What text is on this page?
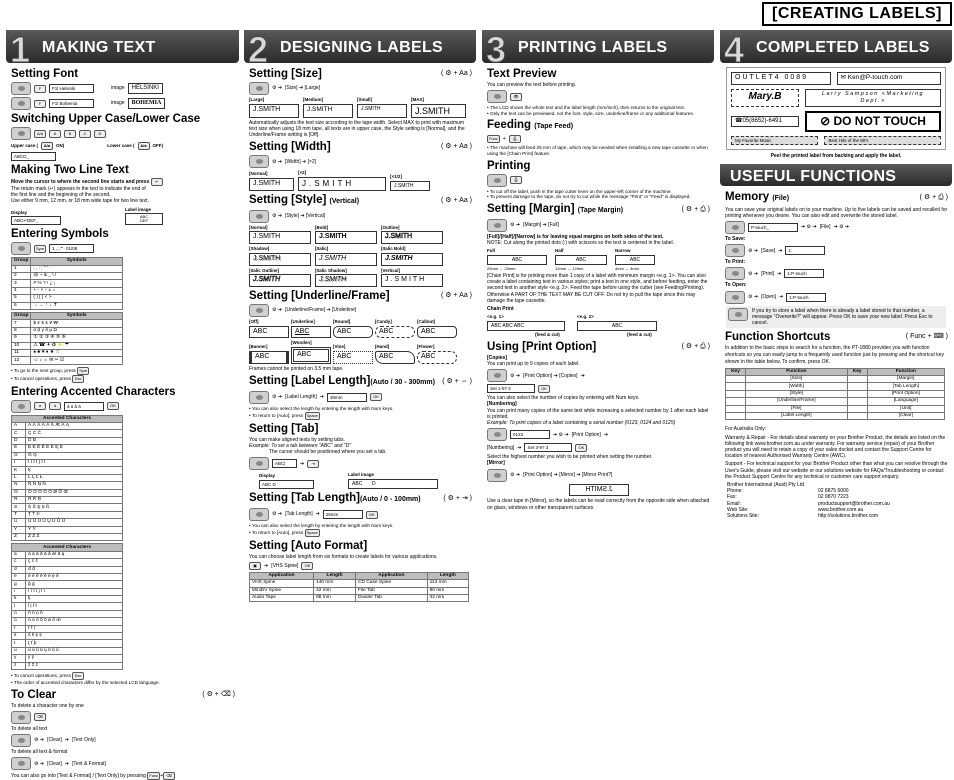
[CREATING LABELS]
1 MAKING TEXT
Setting Font
F	F1l Helsinki	image	HELSINKI
F	F1l Bohemia	image	BOHEMIA
Switching Upper Case/Lower Case
A/a	A	B	C	D
Upper case (	A/a	ON)	Lower case (	A/a	OFF)
ABCD_
Making Two Line Text
Move the cursor to where the second line starts and press ↵
The return mark (↵) appears in the text to indicate the end of
the first line and the beginning of the second.
Use either 9 mm, 12 mm, or 18 mm wide tape for two line text.
Display
ABC↵DEF_
Label image
ABC
DEF
Entering Symbols
Sym	1 .,:;"'· 01/08
Group	Symbols
1	. , : ; " ' ·
2	@ ~ & _ \ /
3	# % ? ! ¿ ¡
4	+ - × ÷ ± =
5	( ) [ ] < >
6	→ ← ↑ ↓ ✝
Group	Symbols
7	$ ¢ € £ ¥ ₩
8	α β γ δ μ Ω
9	① ② ③ ④ ⑤ ⑥
10	⚠ ☎ ✈ ♻ ⚡ ☂
11	♠ ♣ ♥ ♦ ★ ☆
12	☺ ♪ ☼ ✉ ✂ ☑
• To go to the next group, press Sym
• To cancel operations, press Esc
Entering Accented Characters
a	à	à á â ä	OK
Accented Characters	
A	À Á Â Ã Ä Å Æ Ā Ą
C	Ç Ć Č
D	Ď Ð
E	È É Ê Ë Ē Ė Ę Ě
G	Ğ Ģ
I	Ì Í Î Ï Į Ī İ
K	Ķ
L	Ĺ Ļ Ľ Ł
N	Ñ Ń Ņ Ň
O	Ò Ó Ô Õ Ö Ø Ő Œ
R	Ŕ Ř Ŗ
S	Ś Š Ş Ș ß
T	Ţ Ť Þ
U	Ù Ú Û Ü Ų Ū Ů Ű
Y	Ý Ÿ
Z	Ź Ž Ż
Accented Characters	
a	à á â ã ä å æ ā ą
c	ç ć č
d	ď ð
e	è é ê ë ē ė ę ě
g	ğ ģ
i	ì í î ï į ī ı
k	ķ
l	ĺ ļ ľ ł
n	ñ ń ņ ň
o	ò ó ô õ ö ø ő œ
r	ŕ ř ŗ
s	ś š ş ș
t	ţ ť þ
u	ù ú û ü ų ū ů ű
y	ý ÿ
z	ź ž ż
• To cancel operations, press Esc
• The order of accented characters differ by the selected LCD language.
To Clear	( ⚙ + ⌫ )
To delete a character one by one
⌫
To delete all text
⚙ ➔ [Clear] ➔ [Text Only]
To delete all text & format
⚙ ➔ [Clear] ➔ [Text & Format]
You can also go into [Text & Format] / [Text Only] by pressing Func + ⌫
2 DESIGNING LABELS
Setting [Size]	( ⚙ + Aa )
⚙ ➔ [Size] ➔ [Large]
[Large]
J.SMITH
[Medium]
J.SMITH
[Small]
J.SMITH
[MAX]
J.SMITH
Automatically adjusts the text size according to the tape width. Select MAX to print with maximum text size when using 18 mm tape, all texts are in upper case, the Style setting is [Normal], and the Underline/Frame setting is [Off].
Setting [Width]	( ⚙ + Aa )
⚙ ➔ [Width] ➔ [×2]
[Normal]
J.SMITH
[×2]
J.SMITH
[×1/2]
J.SMITH
Setting [Style] (Vertical)	( ⚙ + Aa )
⚙ ➔ [Style] ➔ [Vertical]
[Normal]
J.SMITH
[Bold]
J.SMITH
[Outline]
J.SMITH
[Shadow]
J.SMITH
[Italic]
J.SMITH
[Italic Bold]
J.SMITH
[Italic Outline]
J.SMITH
[Italic Shadow]
J.SMITH
[Vertical]
J.SMITH
Setting [Underline/Frame]	( ⚙ + Aa )
⚙ ➔ [Underline/Frame] ➔ [Underline]
[Off]
ABC
[Underline]
ABC
[Round]
ABC
[Candy]
ABC
[Callout]
ABC
[Banner]
ABC
[Wooden]
ABC
[Vine]
ABC
[Hand]
ABC
[Flower]
ABC
Frames cannot be printed on 3.5 mm tape.
Setting [Label Length](Auto / 30 - 300mm) ( ⚙ + ⇔ )
⚙ ➔ [Label Length] ➔	30mm	OK
• You can also select the length by entering the length with Num keys.
• To return to [Auto], press Space
Setting [Tab]
You can make aligned texts by setting tabs.
Example: To set a tab between "ABC" and "D"
The cursor should be positioned where you set a tab.
ABC|	➔	⇥
Display
ABC D
Label image
ABC       D
Setting [Tab Length](Auto / 0 - 100mm)	( ⚙ + ⇥ )
⚙ ➔ [Tab Length] ➔	25mm	OK
• You can also select the length by entering the length with Num keys.
• To return to [Auto], press Space
Setting [Auto Format]
You can choose label length from six formats to create labels for various applications.
▣	➔ [VHS Spine]	OK
Application	Length	Application	Length
VHS Spine	140 mm	CD Case Spine	113 mm
MiniDV Spine	42 mm	File Tab	80 mm
Audio Tape	88 mm	Divider Tab	42 mm
3 PRINTING LABELS
Text Preview
You can preview the text before printing.
👁
• The LCD shows the whole text and the label length (mm/inch), then returns to the original text.
• Only the text can be previewed, not the font, style, size, underline/frame or any additional features.
Feeding (Tape Feed)
Func	+	⎙
• The machine will feed 25 mm of tape, which may be needed when installing a new tape cassette or when using the [Chain Print] feature.
Printing
⎙
• To cut off the label, push in the tape cutter lever on the upper-left corner of the machine.
• To prevent damage to the tape, do not try to cut while the message "Print" or "Feed" is displayed.
Setting [Margin] (Tape Margin)	( ⚙ + ⎙ )
⚙ ➔ [Margin] ➔ [Full]
[Full]/[Half]/[Narrow] is for leaving equal margins on both sides of the text.
NOTE: Cut along the printed dots (:) with scissors so the text is centered in the label.
Full
ABC
25mm ↔ 25mm
Half
ABC
12mm ↔ 12mm
Narrow
ABC
4mm ↔ 4mm
[Chain Print] is for printing more than 1 copy of a label with minimum margin <e.g. 1>. You can also create a label containing text in various styles; print a text in one style, and before feeding, enter the second text in another style <e.g. 2>. Feed the tape before using the cutter (see Feeding/Printing). Otherwise A PART OF THE TEXT MAY BE CUT OFF. Do not try to pull the tape since this may damage the tape cassette.
Chain Print
<e.g. 1>
ABC ABC ABC
(feed & cut)
<e.g. 2>
ABC
(feed & cut)
Using [Print Option]	( ⚙ + ⎙ )
[Copies]
You can print up to 9 copies of each label.
⚙ ➔ [Print Option] ➔ [Copies] ➔
Set 1-9? 2	OK
You can also select the number of copies by entering with Num keys.
[Numbering]
You can print many copies of the same text while increasing a selected number by 1 after each label is printed.
Example: To print copies of a label containing a serial number (0123, 0124 and 0125)
0123	➔ ⚙ ➔ [Print Option] ➔
[Numbering] ➔	Set 3-9? 3	OK
Select the highest number you wish to be printed when setting the number.
[Mirror]
⚙ ➔ [Print Option] ➔ [Mirror] ➔ [Mirror Print?]
J.SMITH
Use a clear tape in [Mirror], so the labels can be read correctly from the opposite side when attached on glass, windows or other transparent surfaces.
4 COMPLETED LABELS
OUTLET4 0089	✉ Ken@P-touch.com
Mary.B	Larry Sampson <Marketing Dept.>
☎05(8652)-6491	⊘ DO NOT TOUCH
My Favorite Music	Best Hits of the 80's
Peel the printed label from backing and apply the label.
USEFUL FUNCTIONS
Memory (File)	( ⚙ + ⎙ )
You can save your original labels on to your machine. Up to five labels can be saved and recalled for printing whenever you desire. You can also edit and overwrite the stored label.
P-touch_	➔ ⚙ ➔ [File] ➔ ⚙ ➔
To Save:
⚙ ➔ [Save] ➔	1:
To Print:
⚙ ➔ [Print] ➔	1:P-touch
To Open:
⚙ ➔ [Open] ➔	1:P-touch
If you try to store a label when there is already a label stored to that number, a message "Overwrite?" will appear. Press OK to save your new label. Press Esc to cancel.
Function Shortcuts	( Func + ⌨ )
In addition to the basic steps to search for a function, the PT-1880 provides you with function shortcuts so you can easily jump to a frequently used function just by pressing and the shortcut key shown in the table below. To confirm, press OK.
Key	Function	Key	Function
	[Size]		[Margin]
	[Width]		[Tab Length]
	[Style]		[Print Option]
	[Underline/Frame]		[Language]
	[File]		[Unit]
	[Label Length]		[Clear]
For Australia Only:
Warranty & Repair - For details about warranty on your Brother Product, the details are listed on the following link www.brother.com.au under warranty. For warranty service (repair) of your Brother product you will need to retain a copy of your sales docket and contact the Support Centre for location of nearest Authorised Warranty Centre (AWC).
Support - For technical support for your Brother Product other than what you can resolve through the User's Guide, please visit our website or our solutions website for FAQs/Troubleshooting or contact the Product Support Centre for any technical or customer care support enquiry.
Brother International (Aust) Pty Ltd	
Phone:	02 8875 6000
Fax:	02 9870 7223
Email:	productsupport@brother.com.au
Web Site:	www.brother.com.au
Solutions Site:	http://solutions.brother.com
